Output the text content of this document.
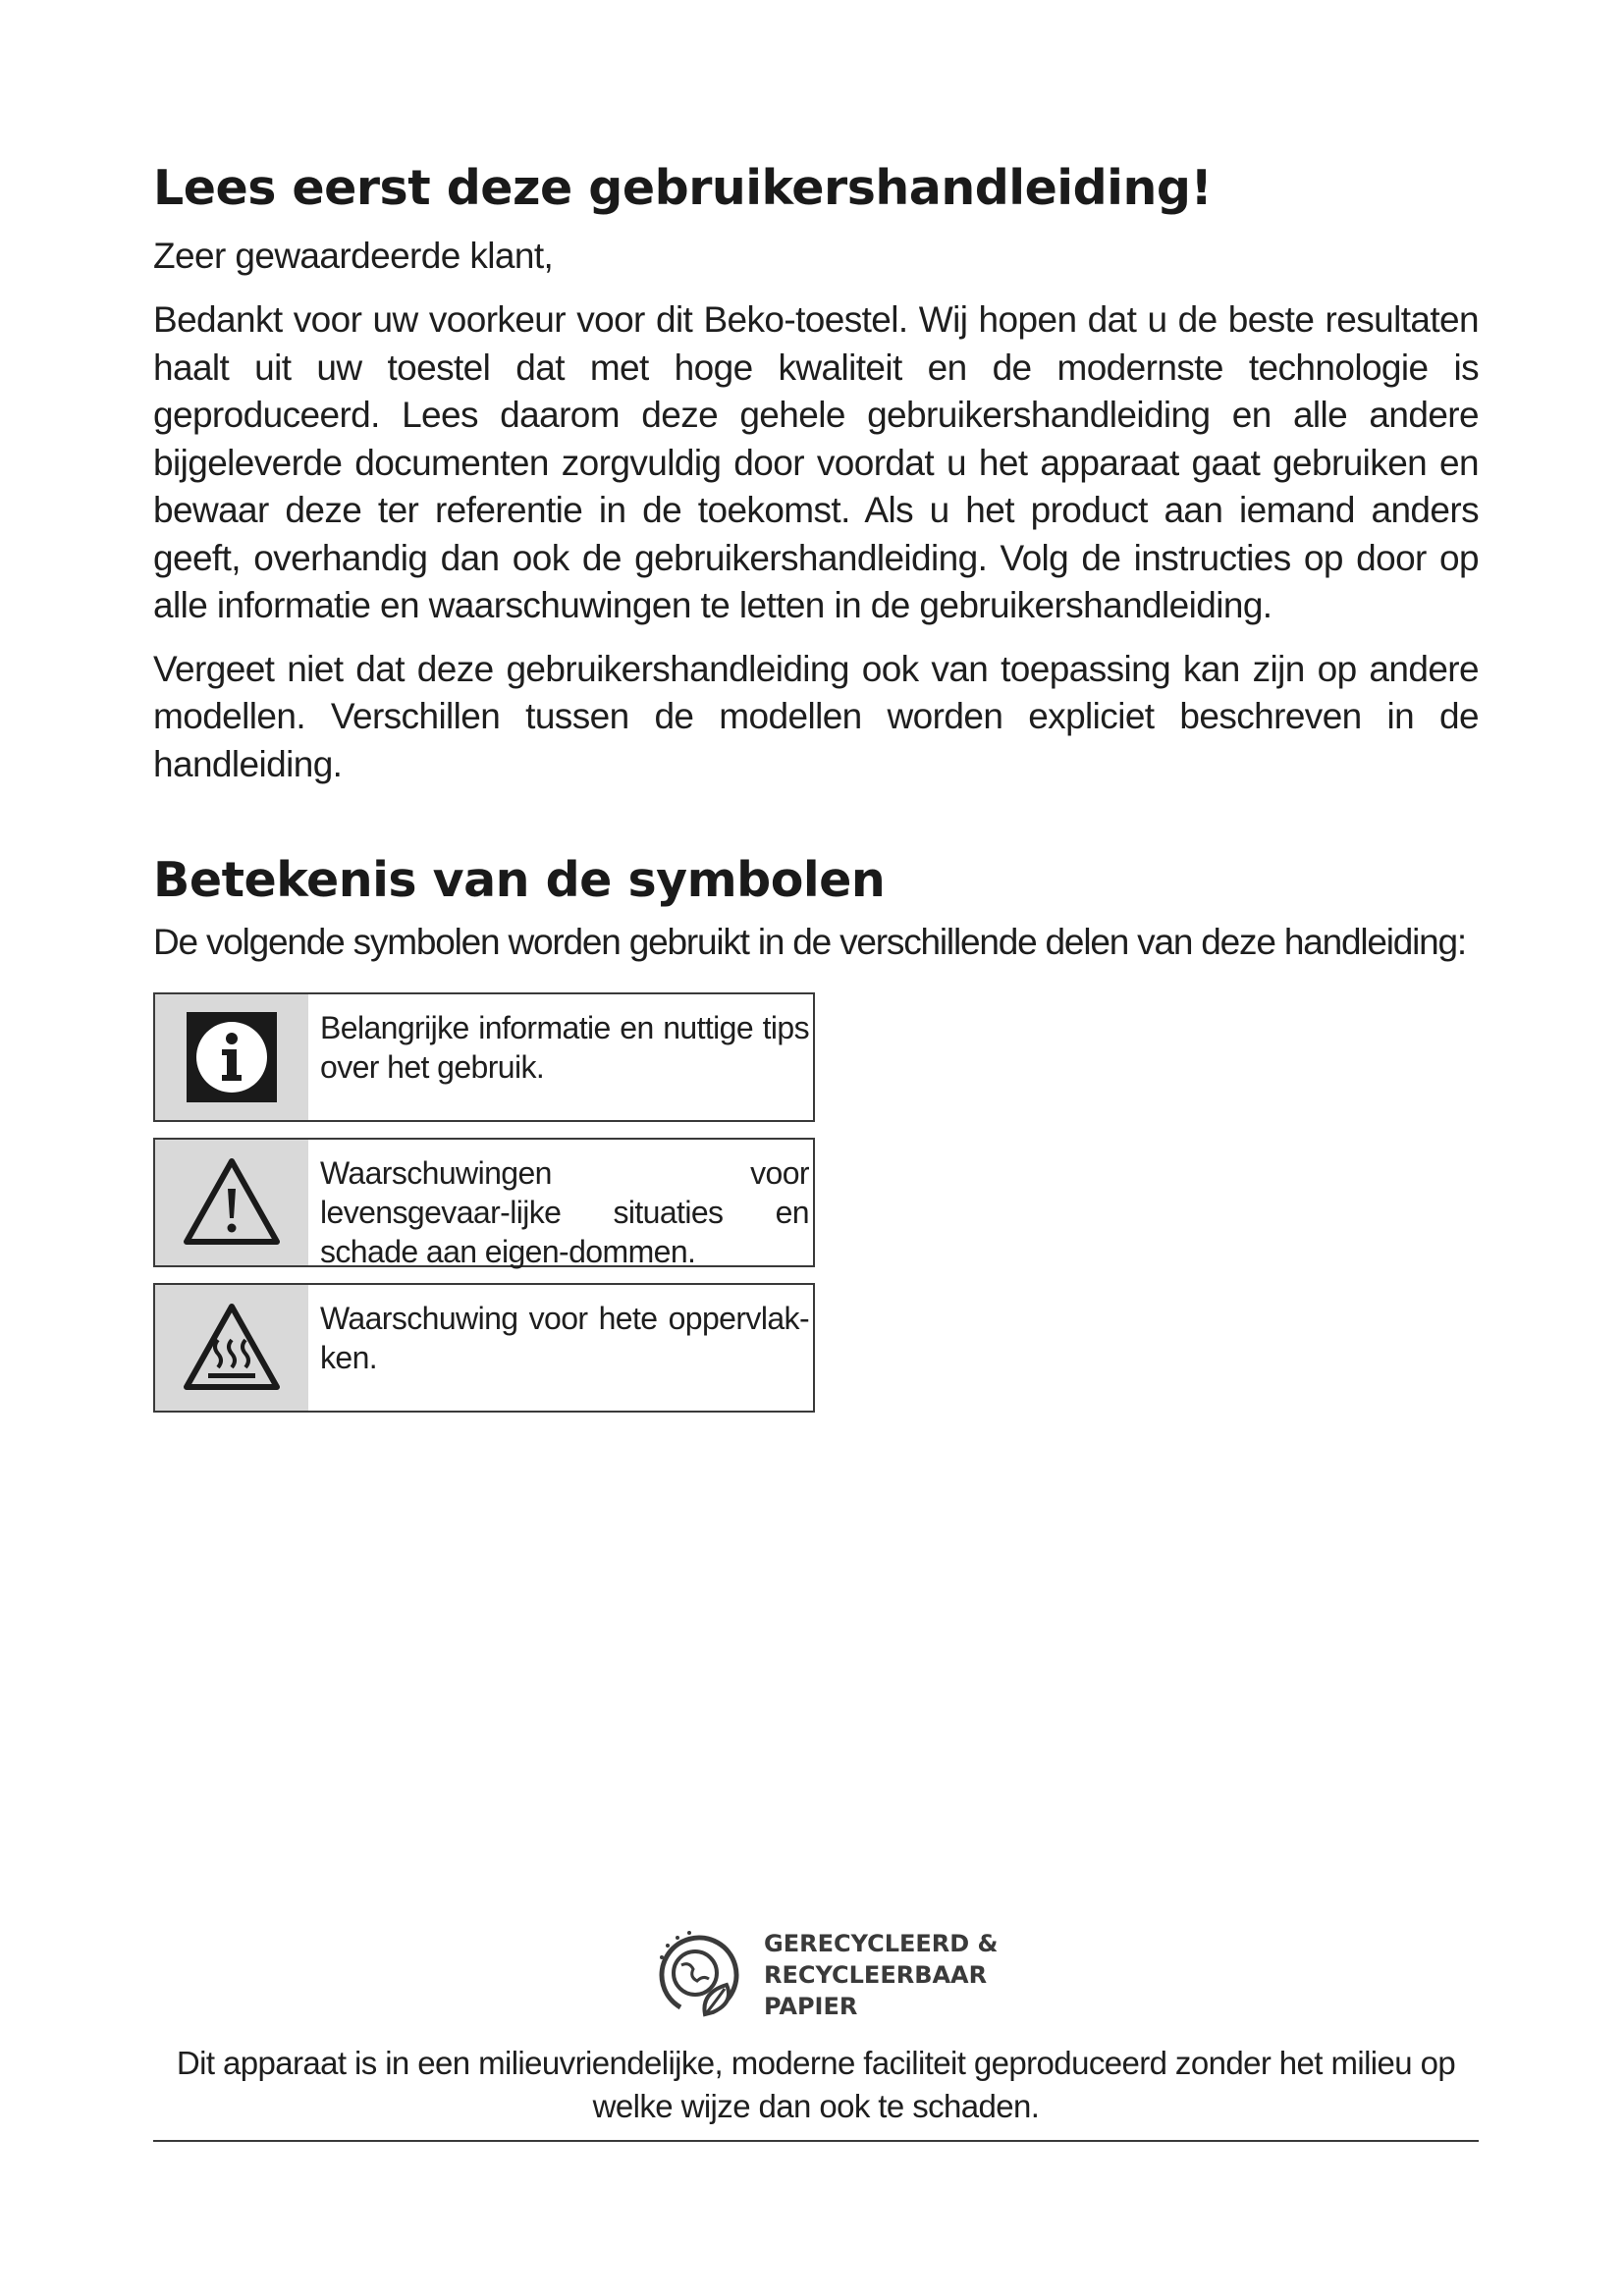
Lees eerst deze gebruikershandleiding!
Zeer gewaardeerde klant,

Bedankt voor uw voorkeur voor dit Beko-toestel. Wij hopen dat u de beste resultaten haalt uit uw toestel dat met hoge kwaliteit en de modernste technologie is geproduceerd. Lees daarom deze gehele gebruikershandleiding en alle andere bijgeleverde documenten zorgvuldig door voordat u het apparaat gaat gebruiken en bewaar deze ter referentie in de toekomst. Als u het product aan iemand anders geeft, overhandig dan ook de gebruikershandleiding. Volg de instructies op door op alle informatie en waarschuwingen te letten in de gebruikershandleiding.

Vergeet niet dat deze gebruikershandleiding ook van toepassing kan zijn op andere modellen. Verschillen tussen de modellen worden expliciet beschreven in de handleiding.

Betekenis van de symbolen
De volgende symbolen worden gebruikt in de verschillende delen van deze handleiding:
Belangrijke informatie en nuttige tips over het gebruik.
Waarschuwingen voor levensgevaar-lijke situaties en schade aan eigen-dommen.
Waarschuwing voor hete oppervlak-ken.
GERECYCLEERD &
RECYCLEERBAAR
PAPIER
Dit apparaat is in een milieuvriendelijke, moderne faciliteit geproduceerd zonder het milieu op welke wijze dan ook te schaden.
